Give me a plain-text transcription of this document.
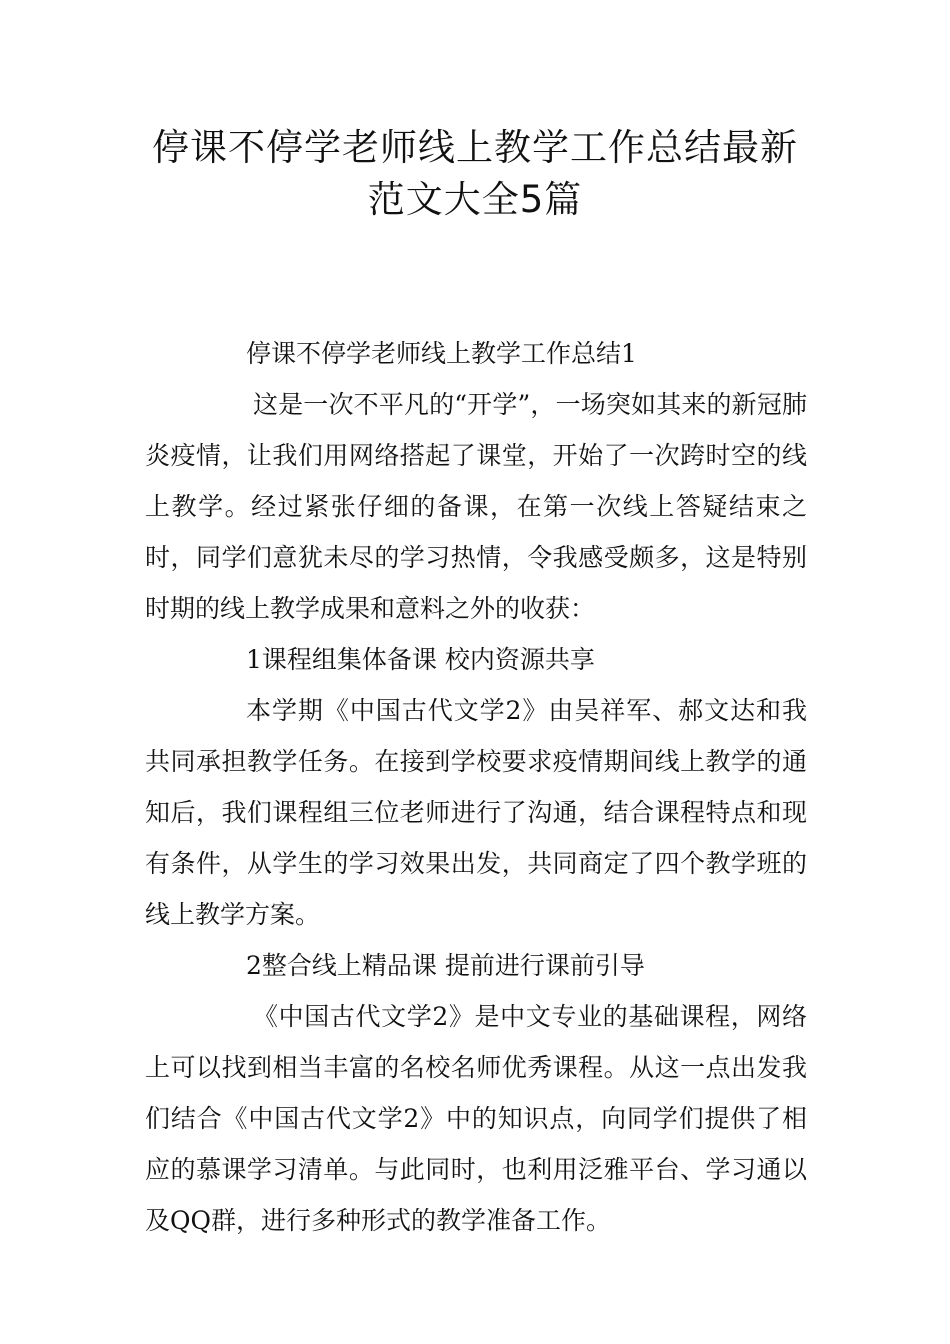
停课不停学老师线上教学工作总结最新
范文大全5篇

停课不停学老师线上教学工作总结1

这是一次不平凡的“开学”，一场突如其来的新冠肺炎疫情，让我们用网络搭起了课堂，开始了一次跨时空的线上教学。经过紧张仔细的备课，在第一次线上答疑结束之时，同学们意犹未尽的学习热情，令我感受颇多，这是特别时期的线上教学成果和意料之外的收获：

1课程组集体备课 校内资源共享

本学期《中国古代文学2》由吴祥军、郝文达和我共同承担教学任务。在接到学校要求疫情期间线上教学的通知后，我们课程组三位老师进行了沟通，结合课程特点和现有条件，从学生的学习效果出发，共同商定了四个教学班的线上教学方案。

2整合线上精品课 提前进行课前引导

《中国古代文学2》是中文专业的基础课程，网络上可以找到相当丰富的名校名师优秀课程。从这一点出发我们结合《中国古代文学2》中的知识点，向同学们提供了相应的慕课学习清单。与此同时，也利用泛雅平台、学习通以及QQ群，进行多种形式的教学准备工作。
